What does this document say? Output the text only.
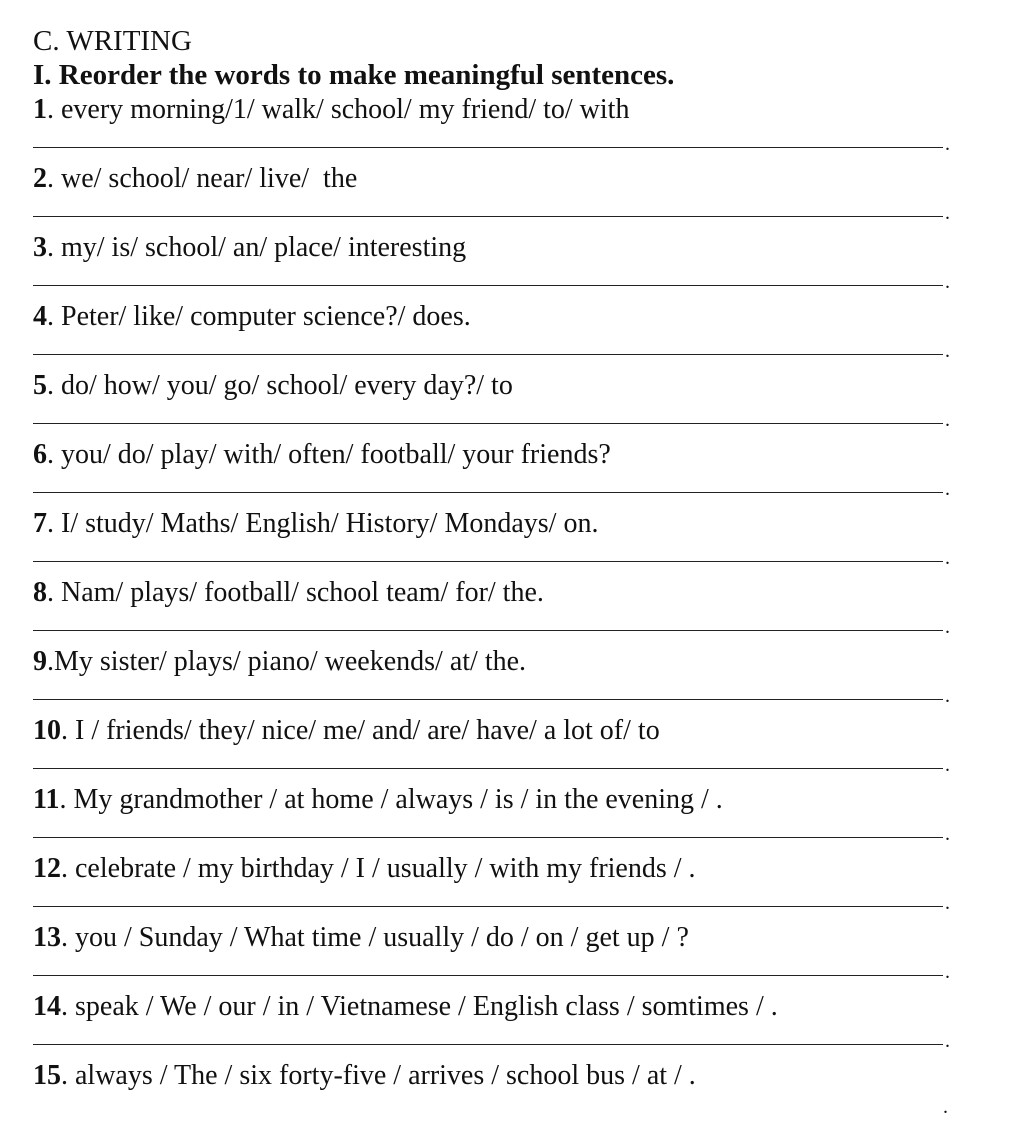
C. WRITING
I. Reorder the words to make meaningful sentences.
1. every morning/1/ walk/ school/ my friend/ to/ with
.
2. we/ school/ near/ live/  the
.
3. my/ is/ school/ an/ place/ interesting
.
4. Peter/ like/ computer science?/ does.
.
5. do/ how/ you/ go/ school/ every day?/ to
.
6. you/ do/ play/ with/ often/ football/ your friends?
.
7. I/ study/ Maths/ English/ History/ Mondays/ on.
.
8. Nam/ plays/ football/ school team/ for/ the.
.
9.My sister/ plays/ piano/ weekends/ at/ the.
.
10. I / friends/ they/ nice/ me/ and/ are/ have/ a lot of/ to
.
11. My grandmother / at home / always / is / in the evening / .
.
12. celebrate / my birthday / I / usually / with my friends / .
.
13. you / Sunday / What time / usually / do / on / get up / ?
.
14. speak / We / our / in / Vietnamese / English class / somtimes / .
.
15. always / The / six forty-five / arrives / school bus / at / .
.
